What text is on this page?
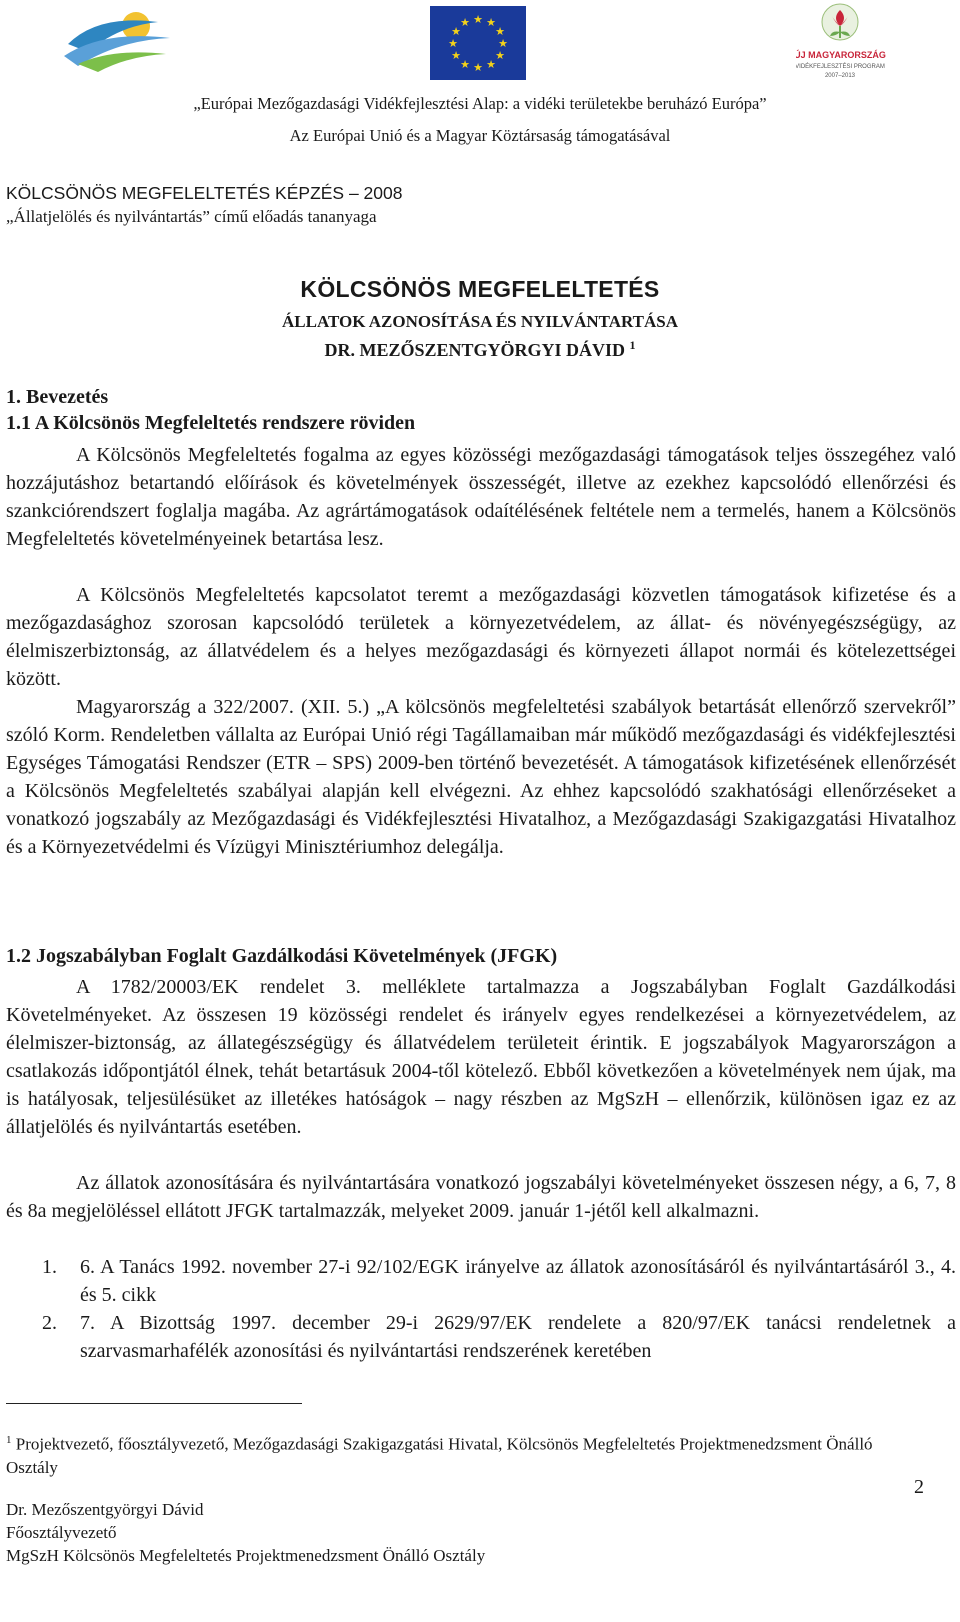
★ ★
★
★
★
★
★
★
★
★
★
★
ÚJ MAGYARORSZÁG
VIDÉKFEJLESZTÉSI PROGRAM
2007–2013
„Európai Mezőgazdasági Vidékfejlesztési Alap: a vidéki területekbe beruházó Európa”
Az Európai Unió és a Magyar Köztársaság támogatásával
KÖLCSÖNÖS MEGFELELTETÉS KÉPZÉS – 2008
„Állatjelölés és nyilvántartás” című előadás tananyaga
KÖLCSÖNÖS MEGFELELTETÉS
ÁLLATOK AZONOSÍTÁSA ÉS NYILVÁNTARTÁSA
DR. MEZŐSZENTGYÖRGYI DÁVID $^1$
1. Bevezetés
1.1 A Kölcsönös Megfeleltetés rendszere röviden

A Kölcsönös Megfeleltetés fogalma az egyes közösségi mezőgazdasági támogatások teljes összegéhez való hozzájutáshoz betartandó előírások és követelmények összességét, illetve az ezekhez kapcsolódó ellenőrzési és szankciórendszert foglalja magába. Az agrártámogatások odaítélésének feltétele nem a termelés, hanem a Kölcsönös Megfeleltetés követelményeinek betartása lesz.

A Kölcsönös Megfeleltetés kapcsolatot teremt a mezőgazdasági közvetlen támogatások kifizetése és a mezőgazdasághoz szorosan kapcsolódó területek a környezetvédelem, az állat- és növényegészségügy, az élelmiszerbiztonság, az állatvédelem és a helyes mezőgazdasági és környezeti állapot normái és kötelezettségei között.

Magyarország a 322/2007. (XII. 5.) „A kölcsönös megfeleltetési szabályok betartását ellenőrző szervekről” szóló Korm. Rendeletben vállalta az Európai Unió régi Tagállamaiban már működő mezőgazdasági és vidékfejlesztési Egységes Támogatási Rendszer (ETR – SPS) 2009-ben történő bevezetését. A támogatások kifizetésének ellenőrzését a Kölcsönös Megfeleltetés szabályai alapján kell elvégezni. Az ehhez kapcsolódó szakhatósági ellenőrzéseket a vonatkozó jogszabály az Mezőgazdasági és Vidékfejlesztési Hivatalhoz, a Mezőgazdasági Szakigazgatási Hivatalhoz és a Környezetvédelmi és Vízügyi Minisztériumhoz delegálja.

1.2 Jogszabályban Foglalt Gazdálkodási Követelmények (JFGK)

A 1782/20003/EK rendelet 3. melléklete tartalmazza a Jogszabályban Foglalt Gazdálkodási Követelményeket. Az összesen 19 közösségi rendelet és irányelv egyes rendelkezései a környezetvédelem, az élelmiszer-biztonság, az állategészségügy és állatvédelem területeit érintik. E jogszabályok Magyarországon a csatlakozás időpontjától élnek, tehát betartásuk 2004-től kötelező. Ebből következően a követelmények nem újak, ma is hatályosak, teljesülésüket az illetékes hatóságok – nagy részben az MgSzH – ellenőrzik, különösen igaz ez az állatjelölés és nyilvántartás esetében.

Az állatok azonosítására és nyilvántartására vonatkozó jogszabályi követelményeket összesen négy, a 6, 7, 8 és 8a megjelöléssel ellátott JFGK tartalmazzák, melyeket 2009. január 1-jétől kell alkalmazni.

1. 6. A Tanács 1992. november 27-i 92/102/EGK irányelve az állatok azonosításáról és nyilvántartásáról 3., 4. és 5. cikk
2. 7. A Bizottság 1997. december 29-i 2629/97/EK rendelete a 820/97/EK tanácsi rendeletnek a szarvasmarhafélék azonosítási és nyilvántartási rendszerének keretében
$^1$ Projektvezető, főosztályvezető, Mezőgazdasági Szakigazgatási Hivatal, Kölcsönös Megfeleltetés Projektmenedzsment Önálló Osztály
2
Dr. Mezőszentgyörgyi Dávid
Főosztályvezető
MgSzH Kölcsönös Megfeleltetés Projektmenedzsment Önálló Osztály
